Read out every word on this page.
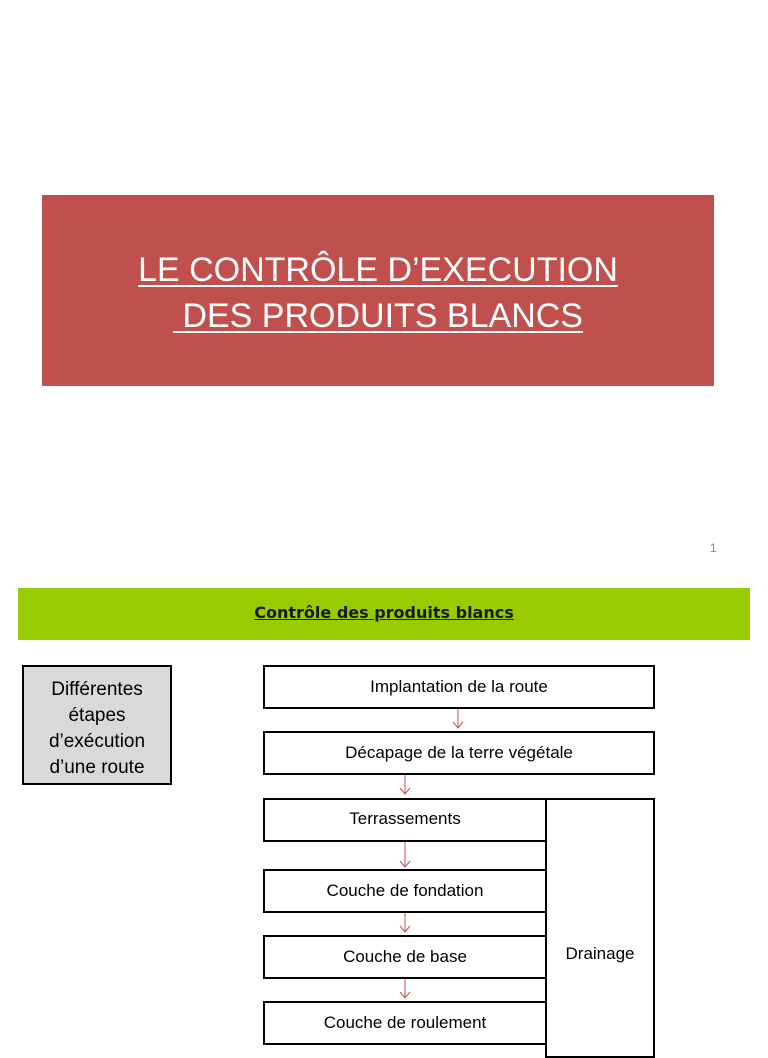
LE CONTRÔLE D’EXECUTION
DES PRODUITS BLANCS
1
Contrôle des produits blancs
Différentes
étapes
d’exécution
d’une route
Implantation de la route
Décapage de la terre végétale
Drainage
Terrassements
Couche de fondation
Couche de base
Couche de roulement
